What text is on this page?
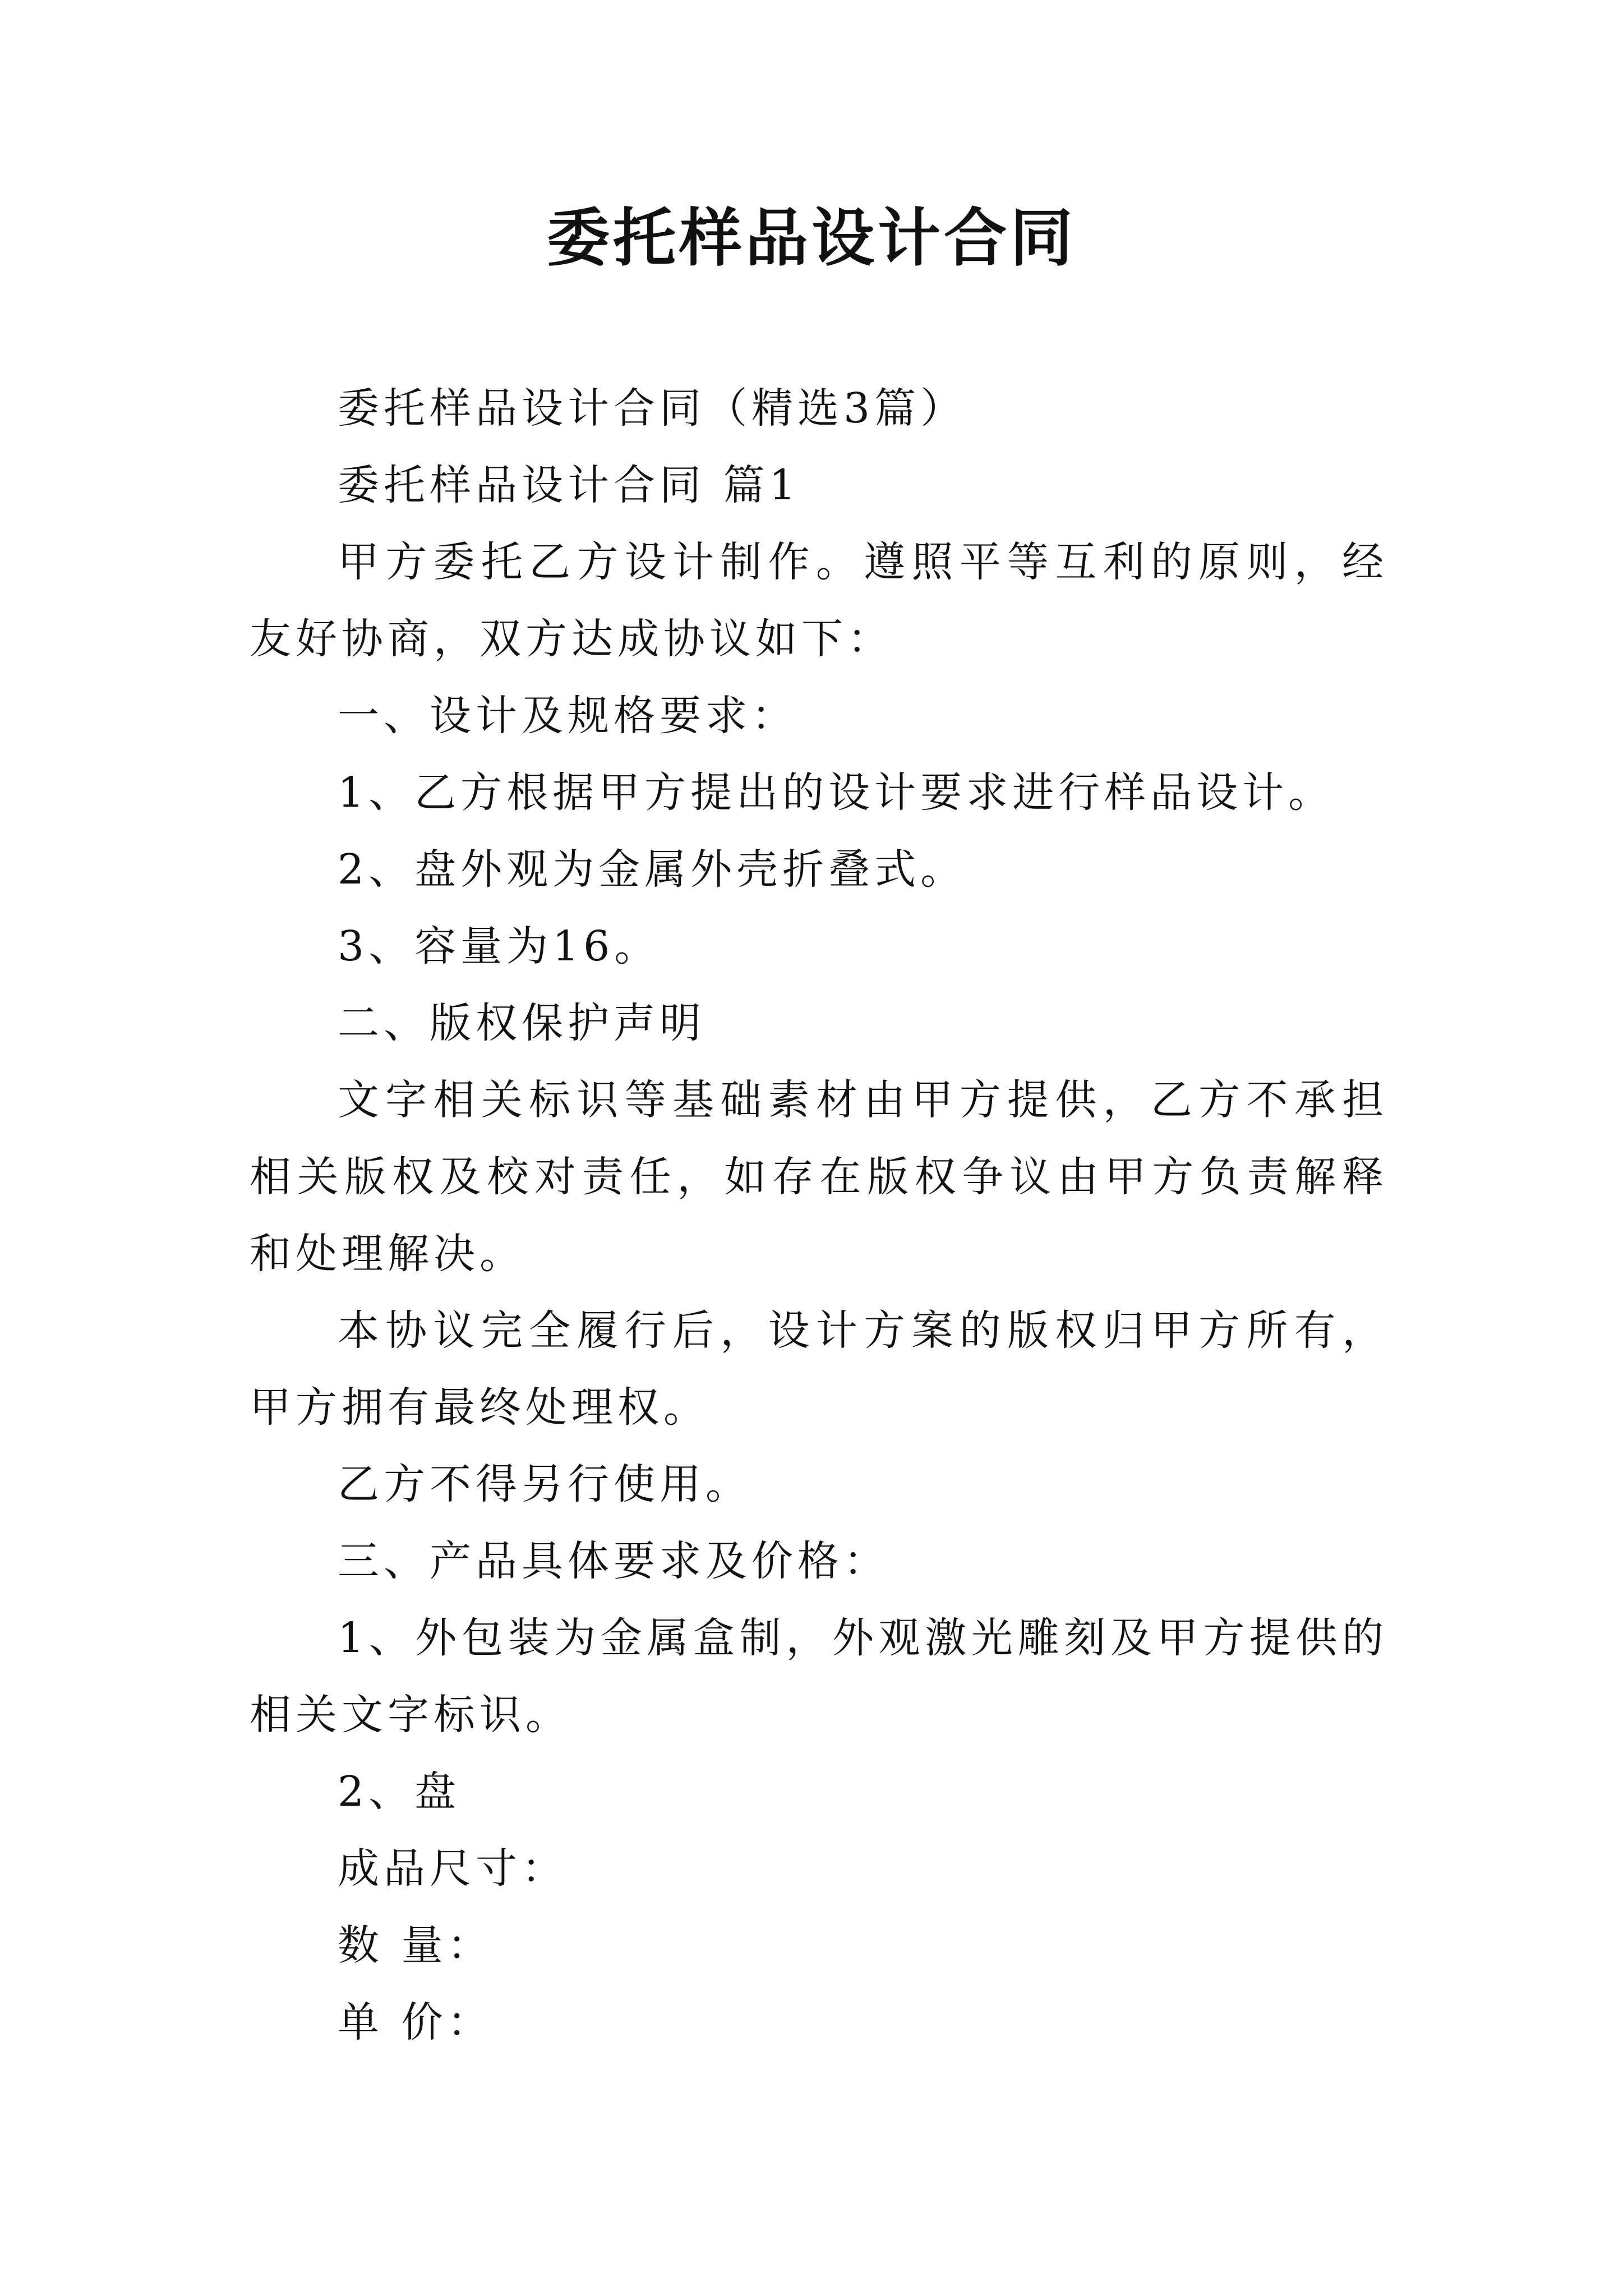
委托样品设计合同

委托样品设计合同（精选3篇）

委托样品设计合同 篇1

甲方委托乙方设计制作。遵照平等互利的原则，经友好协商，双方达成协议如下：

一、设计及规格要求：

1、乙方根据甲方提出的设计要求进行样品设计。

2、盘外观为金属外壳折叠式。

3、容量为16。

二、版权保护声明

文字相关标识等基础素材由甲方提供，乙方不承担相关版权及校对责任，如存在版权争议由甲方负责解释和处理解决。

本协议完全履行后，设计方案的版权归甲方所有，甲方拥有最终处理权。

乙方不得另行使用。

三、产品具体要求及价格：

1、外包装为金属盒制，外观激光雕刻及甲方提供的相关文字标识。

2、盘

成品尺寸：

数 量：

单 价：
